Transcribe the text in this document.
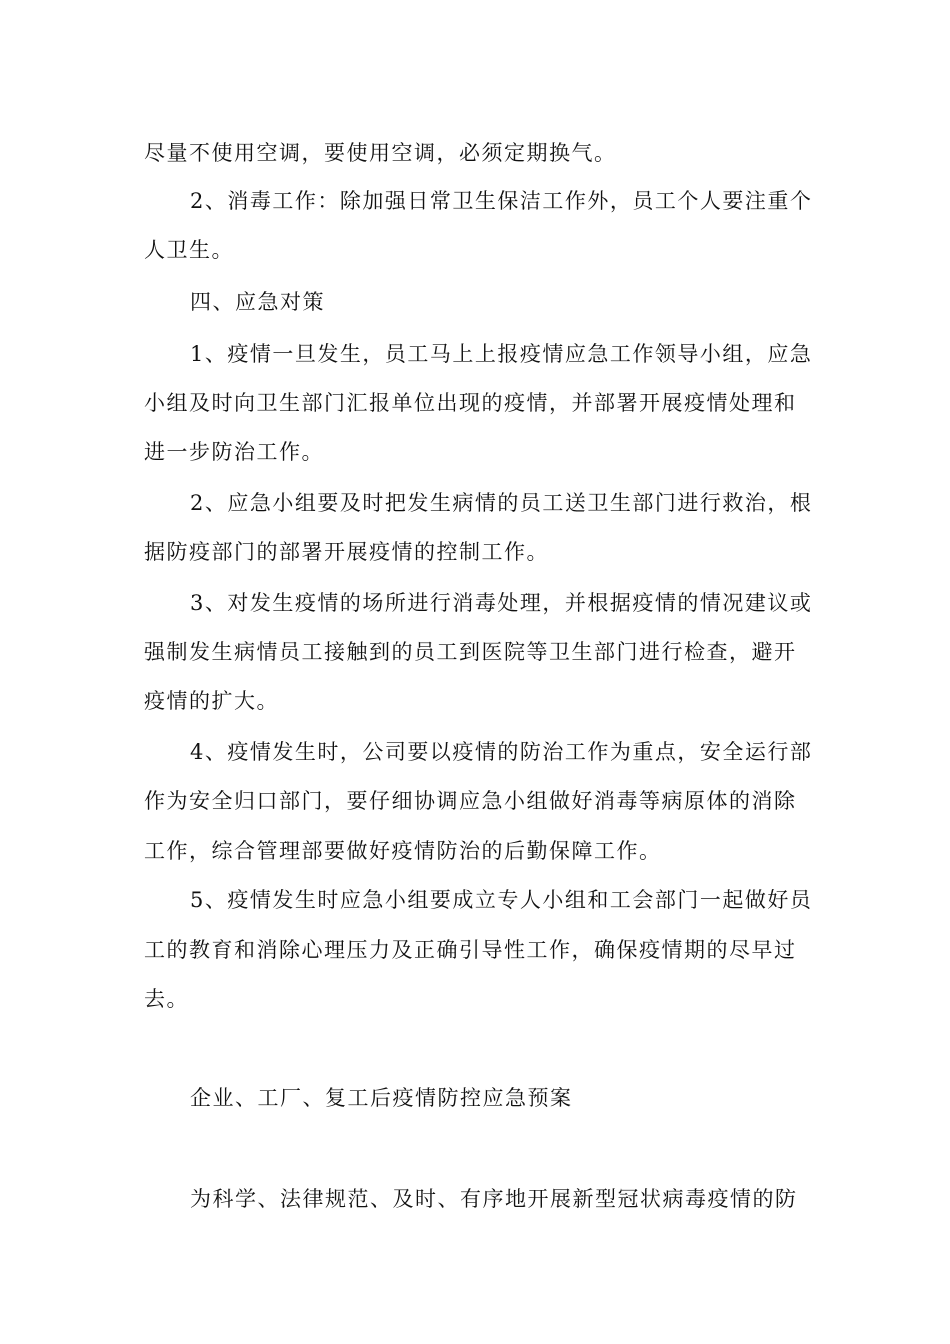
尽量不使用空调，要使用空调，必须定期换气。
2、消毒工作：除加强日常卫生保洁工作外，员工个人要注重个
人卫生。
四、应急对策
1、疫情一旦发生，员工马上上报疫情应急工作领导小组，应急
小组及时向卫生部门汇报单位出现的疫情，并部署开展疫情处理和
进一步防治工作。
2、应急小组要及时把发生病情的员工送卫生部门进行救治，根
据防疫部门的部署开展疫情的控制工作。
3、对发生疫情的场所进行消毒处理，并根据疫情的情况建议或
强制发生病情员工接触到的员工到医院等卫生部门进行检查，避开
疫情的扩大。
4、疫情发生时，公司要以疫情的防治工作为重点，安全运行部
作为安全归口部门，要仔细协调应急小组做好消毒等病原体的消除
工作，综合管理部要做好疫情防治的后勤保障工作。
5、疫情发生时应急小组要成立专人小组和工会部门一起做好员
工的教育和消除心理压力及正确引导性工作，确保疫情期的尽早过
去。
企业、工厂、复工后疫情防控应急预案
为科学、法律规范、及时、有序地开展新型冠状病毒疫情的防
